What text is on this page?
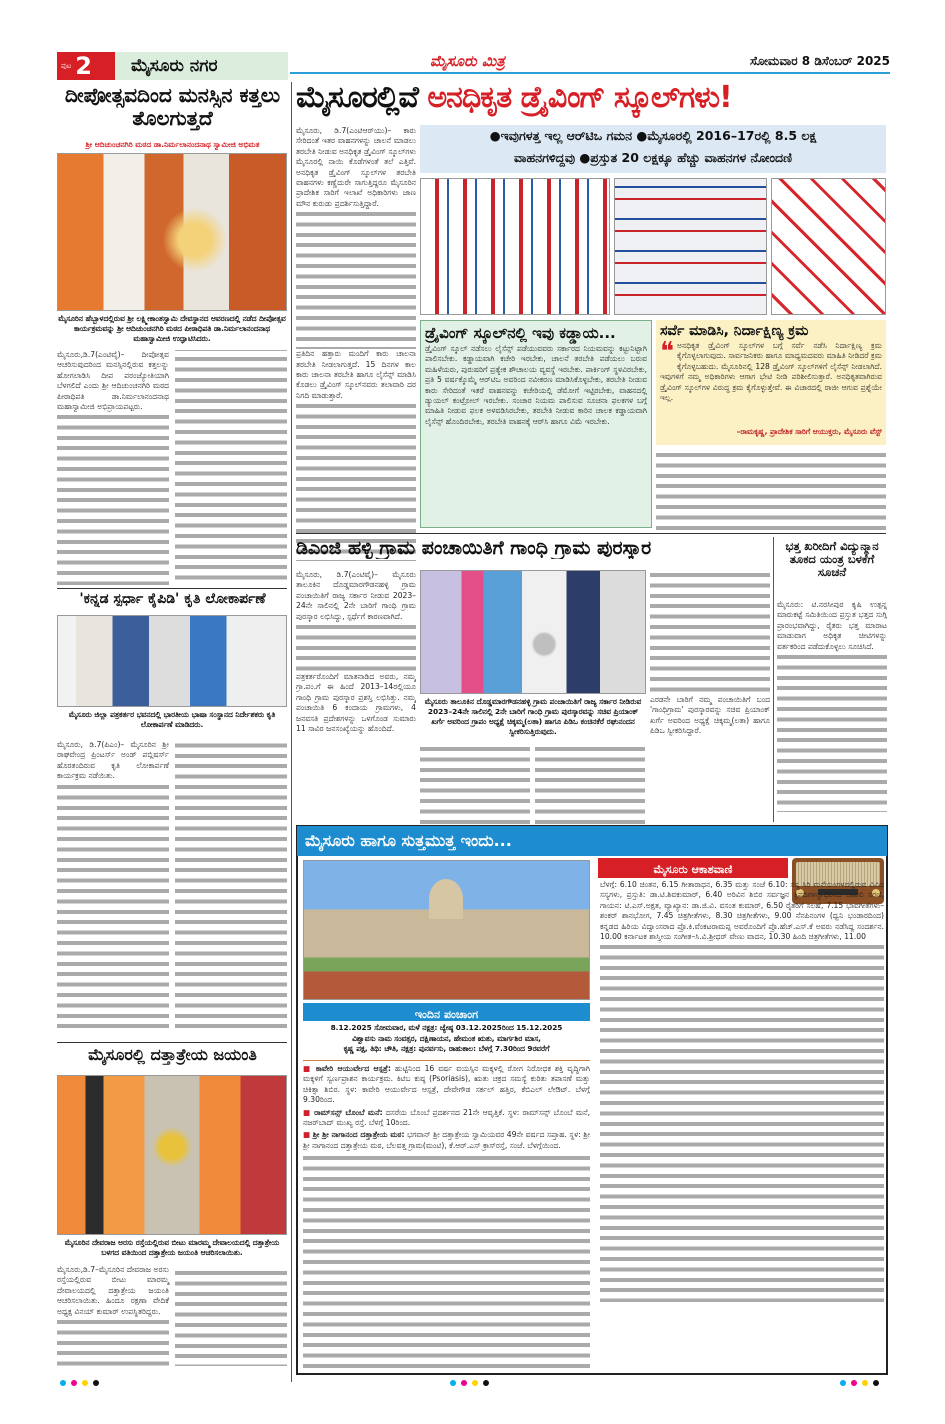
ಪುಟ 2 ಮೈಸೂರು ನಗರ	ಮೈಸೂರು ಮಿತ್ರ	ಸೋಮವಾರ 8 ಡಿಸೆಂಬರ್ 2025
ದೀಪೋತ್ಸವದಿಂದ ಮನಸ್ಸಿನ ಕತ್ತಲು ತೊಲಗುತ್ತದೆ
ಶ್ರೀ ಆದಿಚುಂಚನಗಿರಿ ಮಠದ ಡಾ.ನಿರ್ಮಲಾನಂದನಾಥ ಸ್ವಾಮೀಜಿ ಅಭಿಮತ
ಮೈಸೂರಿನ ಹೆಬ್ಬಾಳದಲ್ಲಿರುವ ಶ್ರೀ ಲಕ್ಷ್ಮೀಕಾಂತಸ್ವಾಮಿ ದೇವಸ್ಥಾನದ ಆವರಣದಲ್ಲಿ ನಡೆದ ದೀಪೋತ್ಸವ ಕಾರ್ಯಕ್ರಮವನ್ನು ಶ್ರೀ ಆದಿಚುಂಚನಗಿರಿ ಮಠದ ಪೀಠಾಧಿಪತಿ ಡಾ.ನಿರ್ಮಲಾನಂದನಾಥ ಮಹಾಸ್ವಾಮೀಜಿ ಉದ್ಘಾಟಿಸಿದರು.
ಮೈಸೂರು,ಡಿ.7(ಎಂಟಿವೈ)– ದೀಪೋತ್ಸವ ಆಚರಿಸುವುದರಿಂದ ಮನಸ್ಸಿನಲ್ಲಿರುವ ಕತ್ತಲನ್ನು ಹೋಗಲಾಡಿಸಿ ದೀಪ ಪರಂಜ್ಯೋತಿಯಾಗಿ ಬೆಳಗಲಿದೆ ಎಂದು ಶ್ರೀ ಆದಿಚುಂಚನಗಿರಿ ಮಠದ ಪೀಠಾಧಿಪತಿ ಡಾ.ನಿರ್ಮಲಾನಂದನಾಥ ಮಹಾಸ್ವಾಮೀಜಿ ಅಭಿಪ್ರಾಯಪಟ್ಟರು.
'ಕನ್ನಡ ಸ್ಪರ್ಧಾ ಕೈಪಿಡಿ' ಕೃತಿ ಲೋಕಾರ್ಪಣೆ
ಮೈಸೂರು ಜಿಲ್ಲಾ ಪತ್ರಕರ್ತರ ಭವನದಲ್ಲಿ ಭಾರತೀಯ ಭಾಷಾ ಸಂಸ್ಥಾನದ ನಿರ್ದೇಶಕರು ಕೃತಿ ಲೋಕಾರ್ಪಣೆ ಮಾಡಿದರು.
ಮೈಸೂರು, ಡಿ.7(ಪಿಎಂ)– ಮೈಸೂರಿನ ಶ್ರೀ ರಾಘವೇಂದ್ರ ಪ್ರಿಂಟರ್ಸ್ ಅಂಡ್ ಪಬ್ಲಿಷರ್ಸ್ ಹೊರತಂದಿರುವ ಕೃತಿ ಲೋಕಾರ್ಪಣೆ ಕಾರ್ಯಕ್ರಮ ನಡೆಯಿತು.
ಮೈಸೂರಲ್ಲಿ ದತ್ತಾತ್ರೇಯ ಜಯಂತಿ
ಮೈಸೂರಿನ ದೇವರಾಜ ಅರಸು ರಸ್ತೆಯಲ್ಲಿರುವ ಬೀಟು ಮಾರಮ್ಮ ದೇವಾಲಯದಲ್ಲಿ ದತ್ತಾತ್ರೇಯ ಬಳಗದ ವತಿಯಿಂದ ದತ್ತಾತ್ರೇಯ ಜಯಂತಿ ಆಚರಿಸಲಾಯಿತು.
ಮೈಸೂರು,ಡಿ.7–ಮೈಸೂರಿನ ದೇವರಾಜ ಅರಸು ರಸ್ತೆಯಲ್ಲಿರುವ ಬೀಟು ಮಾರಮ್ಮ ದೇವಾಲಯದಲ್ಲಿ ದತ್ತಾತ್ರೇಯ ಜಯಂತಿ ಆಚರಿಸಲಾಯಿತು. ಹಿಂದೂ ರಕ್ಷಣಾ ವೇದಿಕೆ ಅಧ್ಯಕ್ಷ ವಿನಯ್ ಕುಮಾರ್ ಉಪಸ್ಥಿತರಿದ್ದರು.
ಮೈಸೂರಲ್ಲಿವೆ ಅನಧಿಕೃತ ಡ್ರೈವಿಂಗ್ ಸ್ಕೂಲ್‌ಗಳು!
ಮೈಸೂರು, ಡಿ.7(ಎಂಟಿಆರ್‌ಯು)– ಕಾರು ಸೇರಿದಂತೆ ಇತರ ವಾಹನಗಳನ್ನು ಚಾಲನೆ ಮಾಡಲು ತರಬೇತಿ ನೀಡುವ ಅನಧಿಕೃತ ಡ್ರೈವಿಂಗ್ ಸ್ಕೂಲ್‌ಗಳು ಮೈಸೂರಲ್ಲಿ ನಾಯಿ ಕೊಡೆಗಳಂತೆ ತಲೆ ಎತ್ತಿವೆ. ಅನಧಿಕೃತ ಡ್ರೈವಿಂಗ್ ಸ್ಕೂಲ್‌ಗಳ ತರಬೇತಿ ವಾಹನಗಳು ಕಣ್ಣೆದುರೇ ಸಾಗುತ್ತಿದ್ದರೂ ಮೈಸೂರಿನ ಪ್ರಾದೇಶಿಕ ಸಾರಿಗೆ ಇಲಾಖೆ ಅಧಿಕಾರಿಗಳು ಜಾಣ ಮೌನ ಕುರುಡು ಪ್ರದರ್ಶಿಸುತ್ತಿದ್ದಾರೆ.
ಪ್ರತಿದಿನ ಹತ್ತಾರು ಮಂದಿಗೆ ಕಾರು ಚಾಲನಾ ತರಬೇತಿ ನೀಡಲಾಗುತ್ತದೆ. 15 ದಿನಗಳ ಕಾಲ ಕಾರು ಚಾಲನಾ ತರಬೇತಿ ಹಾಗೂ ಲೈಸೆನ್ಸ್ ಮಾಡಿಸಿ ಕೊಡಲು ಡ್ರೈವಿಂಗ್ ಸ್ಕೂಲ್‌ನವರು ತಲಾವಾರಿ ದರ ನಿಗದಿ ಮಾಡುತ್ತಾರೆ.
●ಇವುಗಳತ್ತ ಇಲ್ಲ ಆರ್‌ಟಿಒ ಗಮನ ●ಮೈಸೂರಲ್ಲಿ 2016–17ರಲ್ಲಿ 8.5 ಲಕ್ಷ
ವಾಹನಗಳಿದ್ದವು ●ಪ್ರಸ್ತುತ 20 ಲಕ್ಷಕ್ಕೂ ಹೆಚ್ಚು ವಾಹನಗಳ ನೋಂದಣಿ
ಡ್ರೈವಿಂಗ್ ಸ್ಕೂಲ್‌ನಲ್ಲಿ ಇವು ಕಡ್ಡಾಯ...
ಡ್ರೈವಿಂಗ್ ಸ್ಕೂಲ್ ನಡೆಸಲು ಲೈಸೆನ್ಸ್ ಪಡೆಯುವವರು ಸರ್ಕಾರದ ನಿಯಮವನ್ನು ಕಟ್ಟುನಿಟ್ಟಾಗಿ ಪಾಲಿಸಬೇಕು. ಕಡ್ಡಾಯವಾಗಿ ಕಚೇರಿ ಇರಬೇಕು, ಚಾಲನೆ ತರಬೇತಿ ಪಡೆಯಲು ಬರುವ ಮಹಿಳೆಯರು, ಪುರುಷರಿಗೆ ಪ್ರತ್ಯೇಕ ಶೌಚಾಲಯ ವ್ಯವಸ್ಥೆ ಇರಬೇಕು. ಪಾರ್ಕಿಂಗ್ ಸ್ಥಳವಿರಬೇಕು, ಪ್ರತಿ 5 ವರ್ಷಕ್ಕೊಮ್ಮೆ ಆರ್‌ಟಿಒ ಅವರಿಂದ ನವೀಕರಣ ಮಾಡಿಸಿಕೊಳ್ಳಬೇಕು, ತರಬೇತಿ ನೀಡುವ ಕಾರು ಸೇರಿದಂತೆ ಇತರೆ ವಾಹನವನ್ನು ಕಚೇರಿಯಲ್ಲಿ ಡೆಮೋಗೆ ಇಟ್ಟಿರಬೇಕು, ವಾಹನದಲ್ಲಿ ಡ್ಯುಯಲ್ ಕಂಟ್ರೋಲ್ ಇರಬೇಕು. ಸಂಚಾರ ನಿಯಮ ಪಾಲಿಸುವ ಸೂಚನಾ ಫಲಕಗಳ ಬಗ್ಗೆ ಮಾಹಿತಿ ನೀಡುವ ಫಲಕ ಅಳವಡಿಸಿರಬೇಕು, ತರಬೇತಿ ನೀಡುವ ಕಾರಿನ ಚಾಲಕ ಕಡ್ಡಾಯವಾಗಿ ಲೈಸೆನ್ಸ್ ಹೊಂದಿರಬೇಕು, ತರಬೇತಿ ವಾಹನಕ್ಕೆ ಆರ್‌ಸಿ ಹಾಗೂ ವಿಮೆ ಇರಬೇಕು.
ಸರ್ವೆ ಮಾಡಿಸಿ, ನಿರ್ದಾಕ್ಷಿಣ್ಯ ಕ್ರಮ
❝ ಅನಧಿಕೃತ ಡ್ರೈವಿಂಗ್ ಸ್ಕೂಲ್‌ಗಳ ಬಗ್ಗೆ ಸರ್ವೆ ನಡೆಸಿ ನಿರ್ದಾಕ್ಷಿಣ್ಯ ಕ್ರಮ ಕೈಗೊಳ್ಳಲಾಗುವುದು. ಸಾರ್ವಜನಿಕರು ಹಾಗೂ ಮಾಧ್ಯಮದವರು ಮಾಹಿತಿ ನೀಡಿದರೆ ಕ್ರಮ ಕೈಗೊಳ್ಳಬಹುದು. ಮೈಸೂರಿನಲ್ಲಿ 128 ಡ್ರೈವಿಂಗ್ ಸ್ಕೂಲ್‌ಗಳಿಗೆ ಲೈಸೆನ್ಸ್ ನೀಡಲಾಗಿದೆ. ಇವುಗಳಿಗೆ ನಮ್ಮ ಅಧಿಕಾರಿಗಳು ಆಗಾಗ ಭೇಟಿ ನೀಡಿ ಪರಿಶೀಲಿಸುತ್ತಾರೆ. ಅನಧಿಕೃತವಾಗಿರುವ ಡ್ರೈವಿಂಗ್ ಸ್ಕೂಲ್‌ಗಳ ವಿರುದ್ಧ ಕ್ರಮ ಕೈಗೊಳ್ಳುತ್ತೇವೆ. ಈ ವಿಚಾರದಲ್ಲಿ ರಾಜೀ ಆಗುವ ಪ್ರಶ್ನೆಯೇ ಇಲ್ಲ.
–ರಾಮಕೃಷ್ಣ, ಪ್ರಾದೇಶಿಕ ಸಾರಿಗೆ ಆಯುಕ್ತರು, ಮೈಸೂರು ವೆಸ್ಟ್
ಡಿಎಂಜಿ ಹಳ್ಳಿ ಗ್ರಾಮ ಪಂಚಾಯಿತಿಗೆ ಗಾಂಧಿ ಗ್ರಾಮ ಪುರಸ್ಕಾರ
ಮೈಸೂರು, ಡಿ.7(ಎಂಟಿವೈ)– ಮೈಸೂರು ತಾಲೂಕಿನ ದೊಡ್ಡಮಾರಗೌಡನಹಳ್ಳಿ ಗ್ರಾಮ ಪಂಚಾಯಿತಿಗೆ ರಾಜ್ಯ ಸರ್ಕಾರ ನೀಡುವ 2023–24ನೇ ಸಾಲಿನಲ್ಲಿ 2ನೇ ಬಾರಿಗೆ ಗಾಂಧಿ ಗ್ರಾಮ ಪುರಸ್ಕಾರ ಲಭಿಸಿದ್ದು, ಸ್ಪರ್ಧೆಗೆ ಕಾರಣವಾಗಿದೆ.
ಪತ್ರಕರ್ತರೊಂದಿಗೆ ಮಾತನಾಡಿದ ಅವರು, ನಮ್ಮ ಗ್ರಾ.ಪಂ.ಗೆ ಈ ಹಿಂದೆ 2013–14ರಲ್ಲಿಯೂ ಗಾಂಧಿ ಗ್ರಾಮ ಪುರಸ್ಕಾರ ಪ್ರಶಸ್ತಿ ಲಭಿಸಿತ್ತು. ನಮ್ಮ ಪಂಚಾಯಿತಿ 6 ಕಂದಾಯ ಗ್ರಾಮಗಳು, 4 ಜನವಸತಿ ಪ್ರದೇಶಗಳನ್ನು ಒಳಗೊಂಡ ಸುಮಾರು 11 ಸಾವಿರ ಜನಸಂಖ್ಯೆಯನ್ನು ಹೊಂದಿದೆ.
ಮೈಸೂರು ತಾಲೂಕಿನ ದೊಡ್ಡಮಾರಗೌಡನಹಳ್ಳಿ ಗ್ರಾಮ ಪಂಚಾಯಿತಿಗೆ ರಾಜ್ಯ ಸರ್ಕಾರ ನೀಡಿರುವ 2023–24ನೇ ಸಾಲಿನಲ್ಲಿ 2ನೇ ಬಾರಿಗೆ ಗಾಂಧಿ ಗ್ರಾಮ ಪುರಸ್ಕಾರವನ್ನು ಸಚಿವ ಪ್ರಿಯಾಂಕ್ ಖರ್ಗೆ ಅವರಿಂದ ಗ್ರಾಪಂ ಅಧ್ಯಕ್ಷೆ ಚಿಕ್ಕಮ್ಮ(ಲತಾ) ಹಾಗೂ ಪಿಡಿಒ ಕಂಚಿನಕೆರೆ ರಘುನಂದನ ಸ್ವೀಕರಿಸುತ್ತಿರುವುದು.
ಎರಡನೇ ಬಾರಿಗೆ ನಮ್ಮ ಪಂಚಾಯಿತಿಗೆ ಬಂದ 'ಗಾಂಧಿಗ್ರಾಮ' ಪುರಸ್ಕಾರವನ್ನು ಸಚಿವ ಪ್ರಿಯಾಂಕ್ ಖರ್ಗೆ ಅವರಿಂದ ಅಧ್ಯಕ್ಷೆ ಚಿಕ್ಕಮ್ಮ(ಲತಾ) ಹಾಗೂ ಪಿಡಿಒ ಸ್ವೀಕರಿಸಿದ್ದಾರೆ.
ಭತ್ತ ಖರೀದಿಗೆ ವಿದ್ಯುನ್ಮಾನ ತೂಕದ ಯಂತ್ರ ಬಳಕೆಗೆ ಸೂಚನೆ
ಮೈಸೂರು: ಟಿ.ನರಸೀಪುರ ಕೃಷಿ ಉತ್ಪನ್ನ ಮಾರುಕಟ್ಟೆ ಸಮಿತಿಯಿಂದ ಪ್ರಸ್ತುತ ಭತ್ತದ ಸುಗ್ಗಿ ಪ್ರಾರಂಭವಾಗಿದ್ದು, ರೈತರು ಭತ್ತ ಮಾರಾಟ ಮಾಡುವಾಗ ಅಧಿಕೃತ ಚೀಟಿಗಳನ್ನು ವರ್ತಕರಿಂದ ಪಡೆದುಕೊಳ್ಳಲು ಸೂಚಿಸಿದೆ.
ಮೈಸೂರು ಹಾಗೂ ಸುತ್ತಮುತ್ತ ಇಂದು...
ಇಂದಿನ ಪಂಚಾಂಗ
8.12.2025 ಸೋಮವಾರ, ಮಳೆ ನಕ್ಷತ್ರ: ಜ್ಯೇಷ್ಠ 03.12.2025ರಿಂದ 15.12.2025
ವಿಶ್ವಾವಸು ನಾಮ ಸಂವತ್ಸರ, ದಕ್ಷಿಣಾಯನ, ಹೇಮಂತ ಋತು, ಮಾರ್ಗಶಿರ ಮಾಸ,
ಕೃಷ್ಣ ಪಕ್ಷ, ತಿಥಿ: ಚೌತಿ, ನಕ್ಷತ್ರ: ಪುನರ್ವಸು, ರಾಹುಕಾಲ: ಬೆಳಗ್ಗೆ 7.30ರಿಂದ 9ರವರೆಗೆ
■ ಕಾವೇರಿ ಆಯುರ್ವೇದ ಆಸ್ಪತ್ರೆ: ಹುಟ್ಟಿನಿಂದ 16 ವರ್ಷ ವಯಸ್ಸಿನ ಮಕ್ಕಳಲ್ಲಿ ರೋಗ ನಿರೋಧಕ ಶಕ್ತಿ ವೃದ್ಧಿಗಾಗಿ ಮಕ್ಕಳಿಗೆ ಸ್ವರ್ಣಪ್ರಾಶನ ಕಾರ್ಯಕ್ರಮ. ಕಿಟಿಬ ಕುಷ್ಠ (Psoriasis), ಋತು ಚಕ್ರದ ಸಮಸ್ಯೆ ಕುರಿತು ತಪಾಸಣೆ ಮತ್ತು ಚಿಕಿತ್ಸಾ ಶಿಬಿರ. ಸ್ಥಳ: ಕಾವೇರಿ ಆಯುರ್ವೇದ ಆಸ್ಪತ್ರೆ, ದೇವೇಗೌಡ ಸರ್ಕಲ್ ಹತ್ತಿರ, ಕೆಬಿಎಲ್ ಲೇಔಟ್. ಬೆಳಗ್ಗೆ 9.30ರಿಂದ.
■ ರಾಮ್‌ಸನ್ಸ್ ಬೊಂಬೆ ಮನೆ: ದಸರೆಯ ಬೊಂಬೆ ಪ್ರದರ್ಶನದ 21ನೇ ಆವೃತ್ತಿಕೆ. ಸ್ಥಳ: ರಾಮ್‌ಸನ್ಸ್ ಬೊಂಬೆ ಮನೆ, ನಜರ್‌ಬಾದ್ ಮುಖ್ಯ ರಸ್ತೆ. ಬೆಳಗ್ಗೆ 10ರಿಂದ.
■ ಶ್ರೀ ಶ್ರೀ ನಾಗಾನಂದ ದತ್ತಾತ್ರೇಯ ಮಠ: ಭಗವಾನ್ ಶ್ರೀ ದತ್ತಾತ್ರೇಯ ಸ್ವಾಮಿಯವರ 49ನೇ ವರ್ಷದ ಸಪ್ತಾಹ. ಸ್ಥಳ: ಶ್ರೀ ಶ್ರೀ ನಾಗಾನಂದ ದತ್ತಾತ್ರೇಯ ಮಠ, ಬೆಲವತ್ತ ಗ್ರಾಮ(ಮಂಟಿ), ಕೆ.ಆರ್.ಎಸ್ ಕ್ರಾಸ್‌ರಸ್ತೆ, ಸಂಜೆ. ಬೆಳಗ್ಗೆಯಿಂದ.
ಮೈಸೂರು ಆಕಾಶವಾಣಿ
ಬೆಳಗ್ಗೆ: 6.10 ಚಿಂತನ, 6.15 ಗೀತಾರಾಧನ, 6.35 ಮತ್ತು ಸಂಜೆ 6.10: ಸಸ್ಯ ಸಿರಿ ಮನೆಯಂಗಳದಲ್ಲಿರುವ ವಿವಿಧ ಸಸ್ಯಗಳು, ಪ್ರಸ್ತುತಿ: ಡಾ.ಟಿ.ಶಿವಕುಮಾರ್, 6.40 ಅರಿವಿನ ಶಿಬಿರ ಸರ್ವಜ್ಞನ ತ್ರಿಪದಿಗಳನ್ನಾಧರಿಸಿದ ಚಾಪಲಿ ಸರಣಿ, ಗಾಯನ: ಟಿ.ಎಸ್.ಅಕ್ಷತ, ವ್ಯಾಖ್ಯಾನ: ಡಾ.ಜಿ.ವಿ. ವಸಂತ ಕುಮಾರ್, 6.50 ರೈತರಿಗೆ ಸಲಹೆ, 7.15 ಭಾವಗೀತೆಗಳು– ಶಂಕರ್ ಶಾನಭೋಗ, 7.45 ಚಿತ್ರಗೀತೆಗಳು, 8.30 ಚಿತ್ರಗೀತೆಗಳು, 9.00 ನೆನಪಿನಂಗಳ (ಧ್ವನಿ ಭಂಡಾರದಿಂದ) ಕನ್ನಡದ ಹಿರಿಯ ವಿದ್ವಾಂಸರಾದ ಪ್ರೊ.ಕಿ.ವೆಂಕಟರಾಮಪ್ಪ ಅವರೊಂದಿಗೆ ಪ್ರೊ.ಹೆಚ್.ಎಸ್.ಕೆ ಅವರು ನಡೆಸಿದ್ದ ಸಂದರ್ಶನ. 10.00 ಕರ್ನಾಟಕ ಶಾಸ್ತ್ರೀಯ ಸಂಗೀತ–ಸಿ.ವಿ.ಶ್ರೀಧರ್ ವೇಣು ವಾದನ, 10.30 ಹಿಂದಿ ಚಿತ್ರಗೀತೆಗಳು, 11.00
